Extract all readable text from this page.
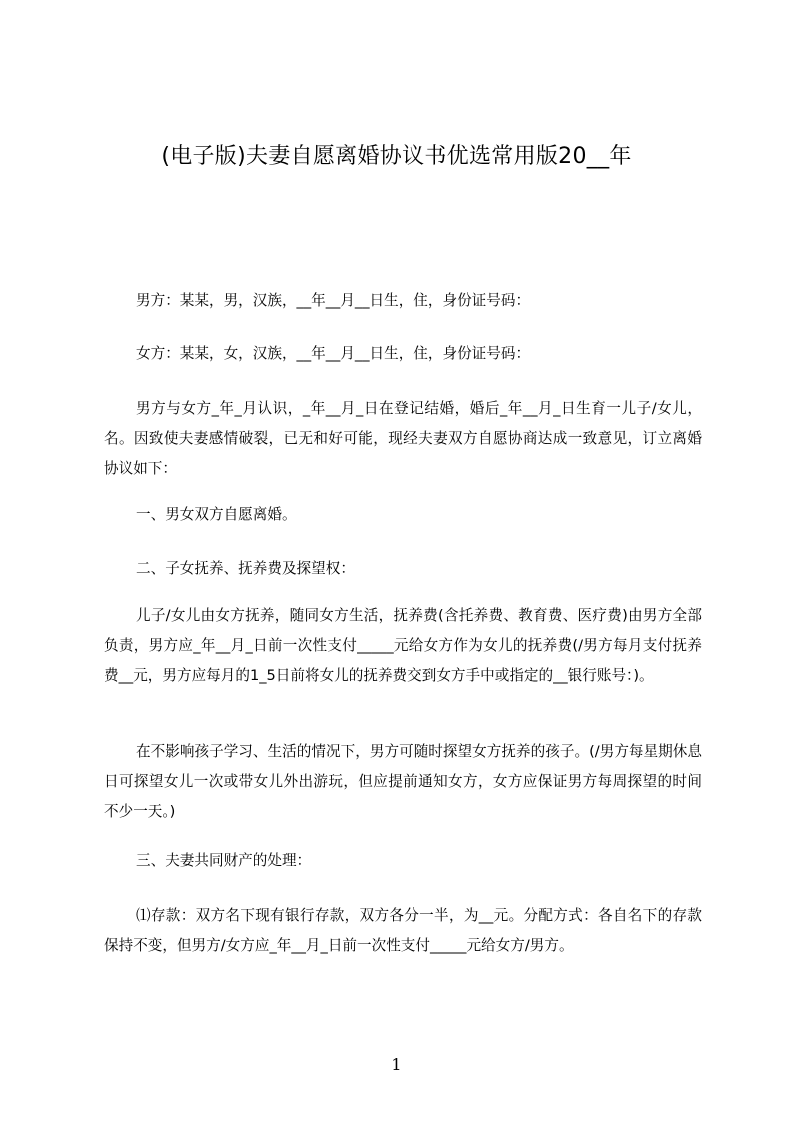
(电子版)夫妻自愿离婚协议书优选常用版20__年

男方：某某，男，汉族，__年__月__日生，住，身份证号码：

女方：某某，女，汉族，__年__月__日生，住，身份证号码：

男方与女方_年_月认识，_年__月_日在登记结婚，婚后_年__月_日生育一儿子/女儿，名。因致使夫妻感情破裂，已无和好可能，现经夫妻双方自愿协商达成一致意见，订立离婚协议如下：

一、男女双方自愿离婚。

二、子女抚养、抚养费及探望权：

儿子/女儿由女方抚养，随同女方生活，抚养费(含托养费、教育费、医疗费)由男方全部负责，男方应_年__月_日前一次性支付_____元给女方作为女儿的抚养费(/男方每月支付抚养费__元，男方应每月的1_5日前将女儿的抚养费交到女方手中或指定的__银行账号：)。

在不影响孩子学习、生活的情况下，男方可随时探望女方抚养的孩子。(/男方每星期休息日可探望女儿一次或带女儿外出游玩，但应提前通知女方，女方应保证男方每周探望的时间不少一天。)

三、夫妻共同财产的处理：

⑴存款：双方名下现有银行存款，双方各分一半，为__元。分配方式：各自名下的存款保持不变，但男方/女方应_年__月_日前一次性支付_____元给女方/男方。

1
